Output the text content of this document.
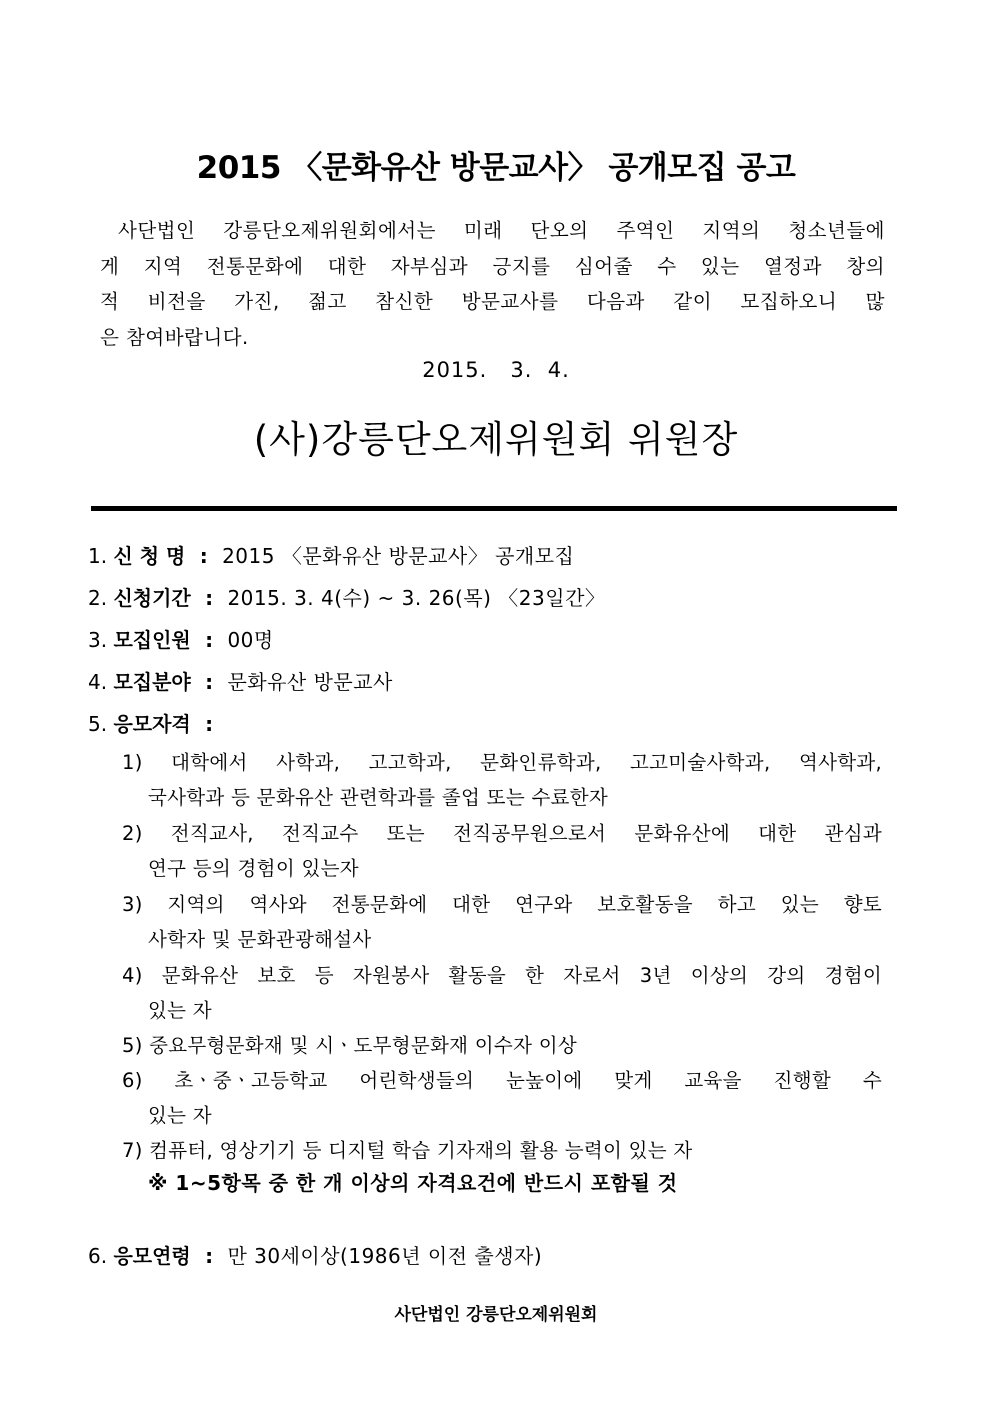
2015 〈문화유산 방문교사〉 공개모집 공고
사단법인 강릉단오제위원회에서는 미래 단오의 주역인 지역의 청소년들에
게 지역 전통문화에 대한 자부심과 긍지를 심어줄 수 있는 열정과 창의
적 비전을 가진, 젊고 참신한 방문교사를 다음과 같이 모집하오니 많
은 참여바랍니다.
2015.   3.  4.
(사)강릉단오제위원회 위원장
1. 신 청 명 : 2015 〈문화유산 방문교사〉 공개모집
2. 신청기간 : 2015. 3. 4(수) ~ 3. 26(목) 〈23일간〉
3. 모집인원 : 00명
4. 모집분야 : 문화유산 방문교사
5. 응모자격 :
1) 대학에서 사학과, 고고학과, 문화인류학과, 고고미술사학과, 역사학과,
국사학과 등 문화유산 관련학과를 졸업 또는 수료한자
2) 전직교사, 전직교수 또는 전직공무원으로서 문화유산에 대한 관심과
연구 등의 경험이 있는자
3) 지역의 역사와 전통문화에 대한 연구와 보호활동을 하고 있는 향토
사학자 및 문화관광해설사
4) 문화유산 보호 등 자원봉사 활동을 한 자로서 3년 이상의 강의 경험이
있는 자
5) 중요무형문화재 및 시ㆍ도무형문화재 이수자 이상
6) 초ㆍ중ㆍ고등학교 어린학생들의 눈높이에 맞게 교육을 진행할 수
있는 자
7) 컴퓨터, 영상기기 등 디지털 학습 기자재의 활용 능력이 있는 자
※ 1~5항목 중 한 개 이상의 자격요건에 반드시 포함될 것
6. 응모연령 : 만 30세이상(1986년 이전 출생자)
사단법인 강릉단오제위원회
